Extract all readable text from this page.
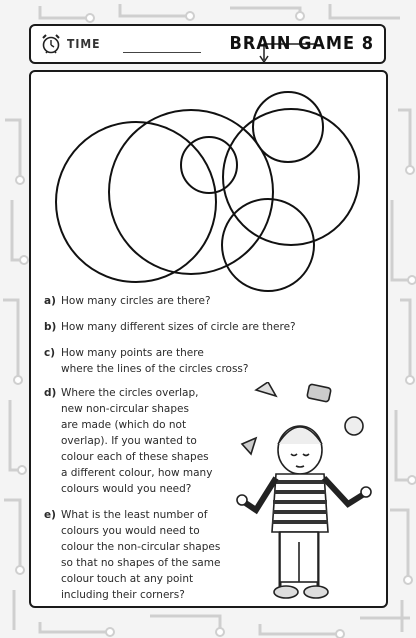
TIME	BRAIN GAME 8
a) How many circles are there?
b) How many different sizes of circle are there?
c) How many points are there
where the lines of the circles cross?
d) Where the circles overlap,
new non-circular shapes
are made (which do not
overlap). If you wanted to
colour each of these shapes
a different colour, how many
colours would you need?
e) What is the least number of
colours you would need to
colour the non-circular shapes
so that no shapes of the same
colour touch at any point
including their corners?
